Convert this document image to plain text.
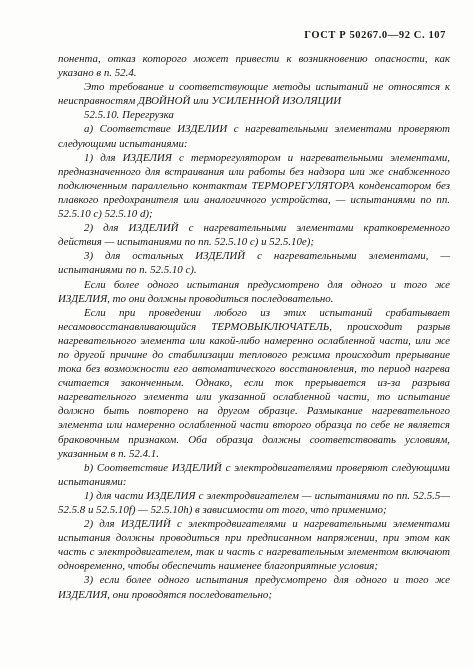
ГОСТ Р 50267.0—92 С. 107

понента, отказ которого может привести к возникновению опасности, как указано в п. 52.4.

Это требование и соответствующие методы испытаний не относятся к неисправностям ДВОЙНОЙ или УСИЛЕННОЙ ИЗОЛЯЦИИ

52.5.10. Перегрузка

а) Соответствие ИЗДЕЛИИ с нагревательными элементами проверяют следующими испытаниями:

1) для ИЗДЕЛИЯ с терморегулятором и нагревательными элементами, предназначенного для встраивания или работы без надзора или же снабженного подключенным параллельно контактам ТЕРМОРЕГУЛЯТОРА конденсатором без плавкого предохранителя или аналогичного устройства, — испытаниями по пп. 52.5.10 с) 52.5.10 d);

2) для ИЗДЕЛИЙ с нагревательными элементами кратковременного действия — испытаниями по пп. 52.5.10 с) и 52.5.10е);

3) для остальных ИЗДЕЛИЙ с нагревательными элементами, — испытаниями по п. 52.5.10 с).

Если более одного испытания предусмотрено для одного и того же ИЗДЕЛИЯ, то они должны проводиться последовательно.

Если при проведении любого из этих испытаний срабатывает несамовосстанавливающийся ТЕРМОВЫКЛЮЧАТЕЛЬ, происходит разрыв нагревательного элемента или какой-либо намеренно ослабленной части, или же по другой причине до стабилизации теплового режима происходит прерывание тока без возможности его автоматического восстановления, то период нагрева считается законченным. Однако, если ток прерывается из-за разрыва нагревательного элемента или указанной ослабленной части, то испытание должно быть повторено на другом образце. Размыкание нагревательного элемента или намеренно ослабленной части второго образца по себе не является браковочным признаком. Оба образца должны соответствовать условиям, указанным в п. 52.4.1.

b) Соответствие ИЗДЕЛИЙ с электродвигателями проверяют следующими испытаниями:

1) для части ИЗДЕЛИЯ с электродвигателем — испытаниями по пп. 52.5.5—52.5.8 и 52.5.10f) — 52.5.10h) в зависимости от того, что применимо;

2) для ИЗДЕЛИЙ с электродвигателями и нагревательными элементами испытания должны проводиться при предписанном напряжении, при этом как часть с электродвигателем, так и часть с нагревательным элементом включают одновременно, чтобы обеспечить наименее благоприятные условия;

3) если более одного испытания предусмотрено для одного и того же ИЗДЕЛИЯ, они проводятся последовательно;
